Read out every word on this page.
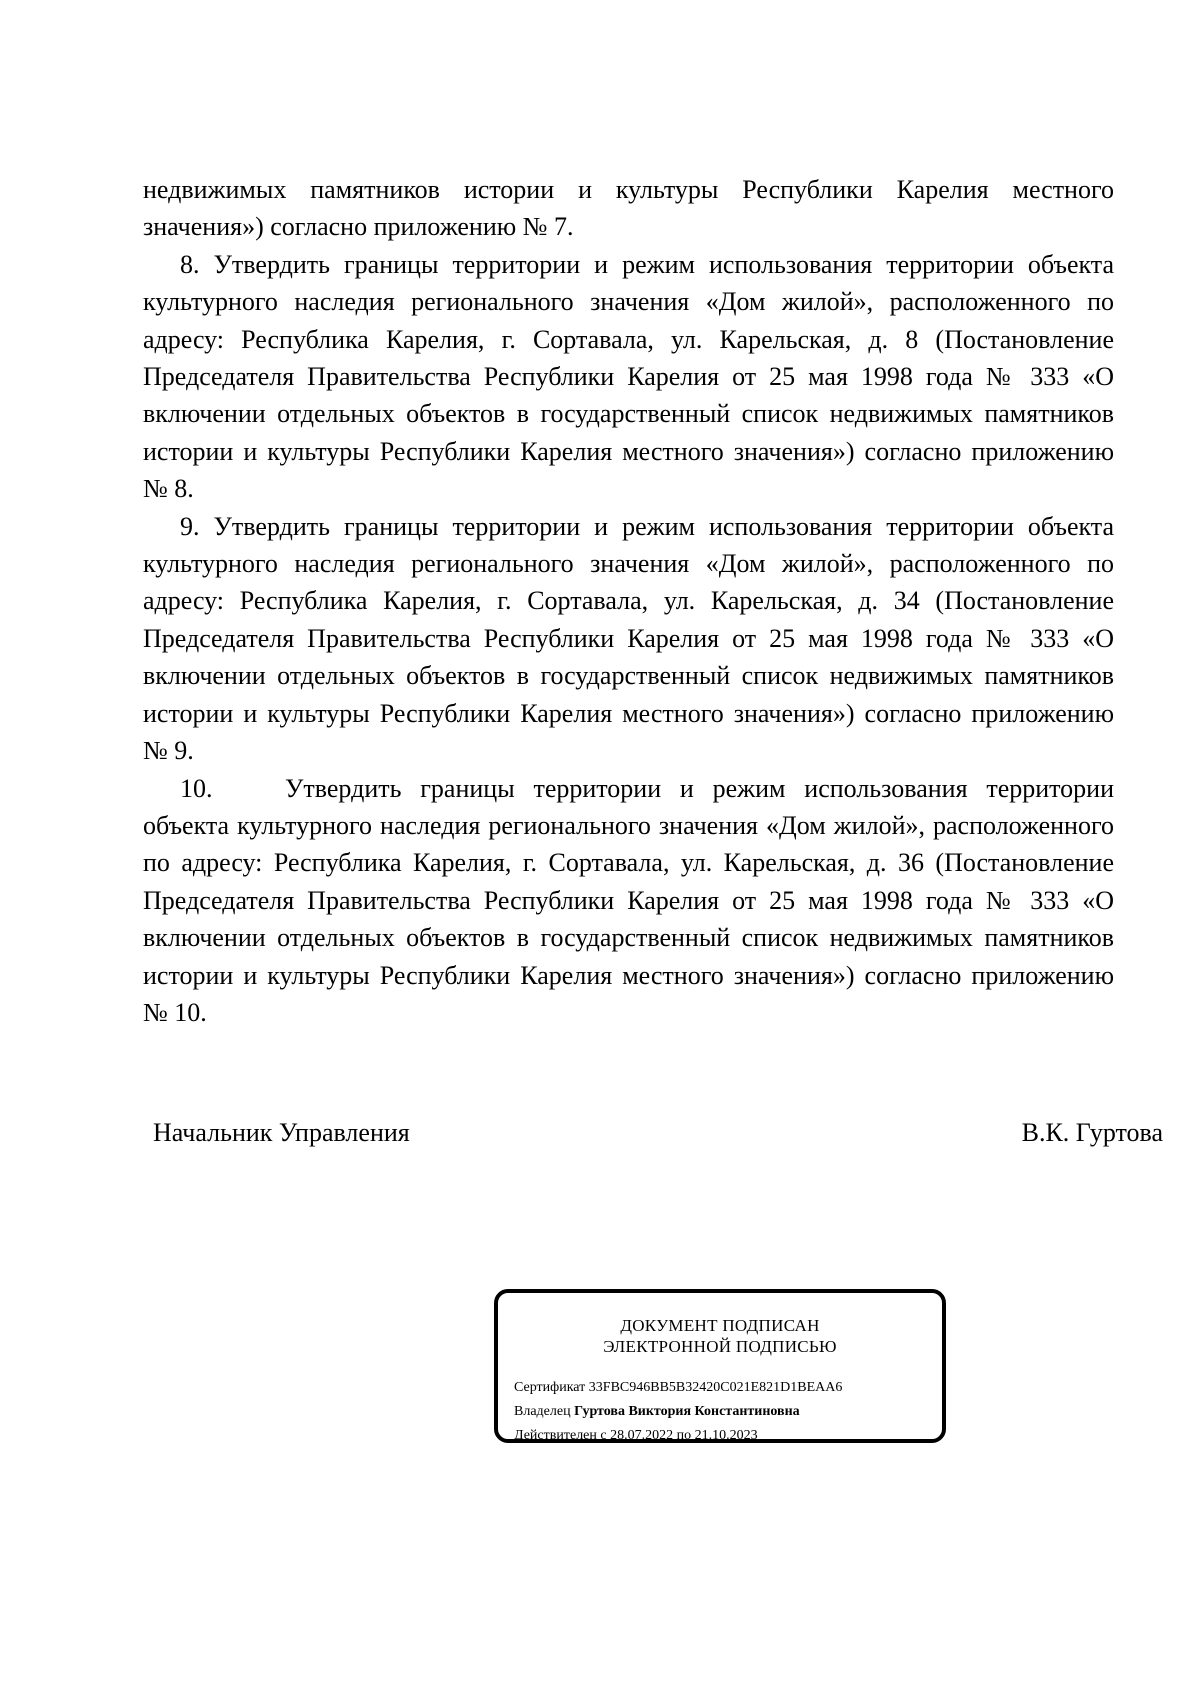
недвижимых памятников истории и культуры Республики Карелия местного значения») согласно приложению № 7.

8. Утвердить границы территории и режим использования территории объекта культурного наследия регионального значения «Дом жилой», расположенного по адресу: Республика Карелия, г. Сортавала, ул. Карельская, д. 8 (Постановление Председателя Правительства Республики Карелия от 25 мая 1998 года № 333 «О включении отдельных объектов в государственный список недвижимых памятников истории и культуры Республики Карелия местного значения») согласно приложению № 8.

9. Утвердить границы территории и режим использования территории объекта культурного наследия регионального значения «Дом жилой», расположенного по адресу: Республика Карелия, г. Сортавала, ул. Карельская, д. 34 (Постановление Председателя Правительства Республики Карелия от 25 мая 1998 года № 333 «О включении отдельных объектов в государственный список недвижимых памятников истории и культуры Республики Карелия местного значения») согласно приложению № 9.

10.	Утвердить границы территории и режим использования территории объекта культурного наследия регионального значения «Дом жилой», расположенного по адресу: Республика Карелия, г. Сортавала, ул. Карельская, д. 36 (Постановление Председателя Правительства Республики Карелия от 25 мая 1998 года № 333 «О включении отдельных объектов в государственный список недвижимых памятников истории и культуры Республики Карелия местного значения») согласно приложению № 10.

Начальник Управления	В.К. Гуртова
ДОКУМЕНТ ПОДПИСАН
ЭЛЕКТРОННОЙ ПОДПИСЬЮ
Сертификат 33FBC946BB5B32420C021E821D1BEAA6
Владелец Гуртова Виктория Константиновна
Действителен с 28.07.2022 по 21.10.2023
